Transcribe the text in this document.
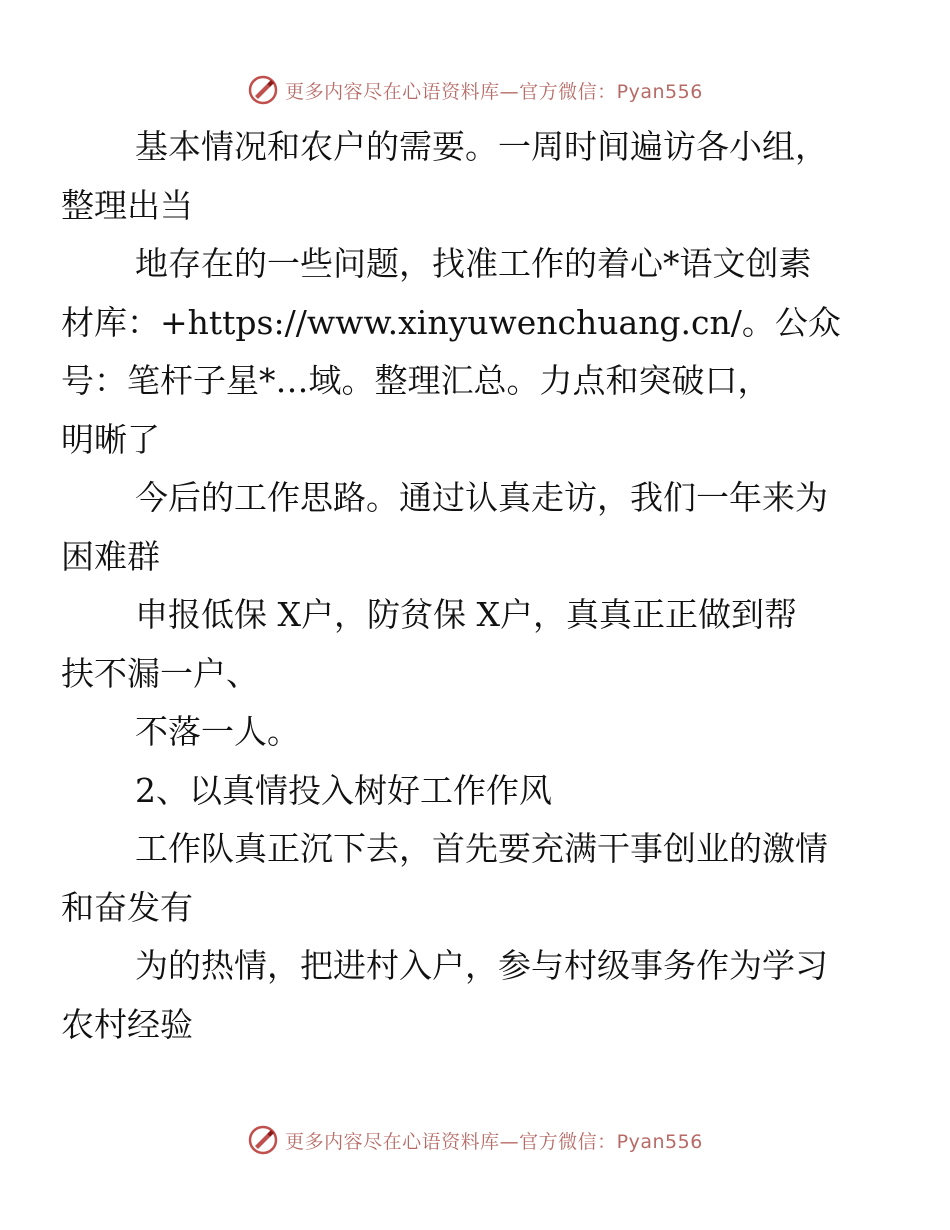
更多内容尽在心语资料库—官方微信：Pyan556

基本情况和农户的需要。一周时间遍访各小组，
整理出当

地存在的一些问题，找准工作的着心*语文创素
材库：+https://www.xinyuwenchuang.cn/。公众
号：笔杆子星*…域。整理汇总。力点和突破口，
明晰了

今后的工作思路。通过认真走访，我们一年来为
困难群

申报低保 X户，防贫保 X户，真真正正做到帮
扶不漏一户、

不落一人。

2、以真情投入树好工作作风

工作队真正沉下去，首先要充满干事创业的激情
和奋发有

为的热情，把进村入户，参与村级事务作为学习
农村经验

更多内容尽在心语资料库—官方微信：Pyan556
